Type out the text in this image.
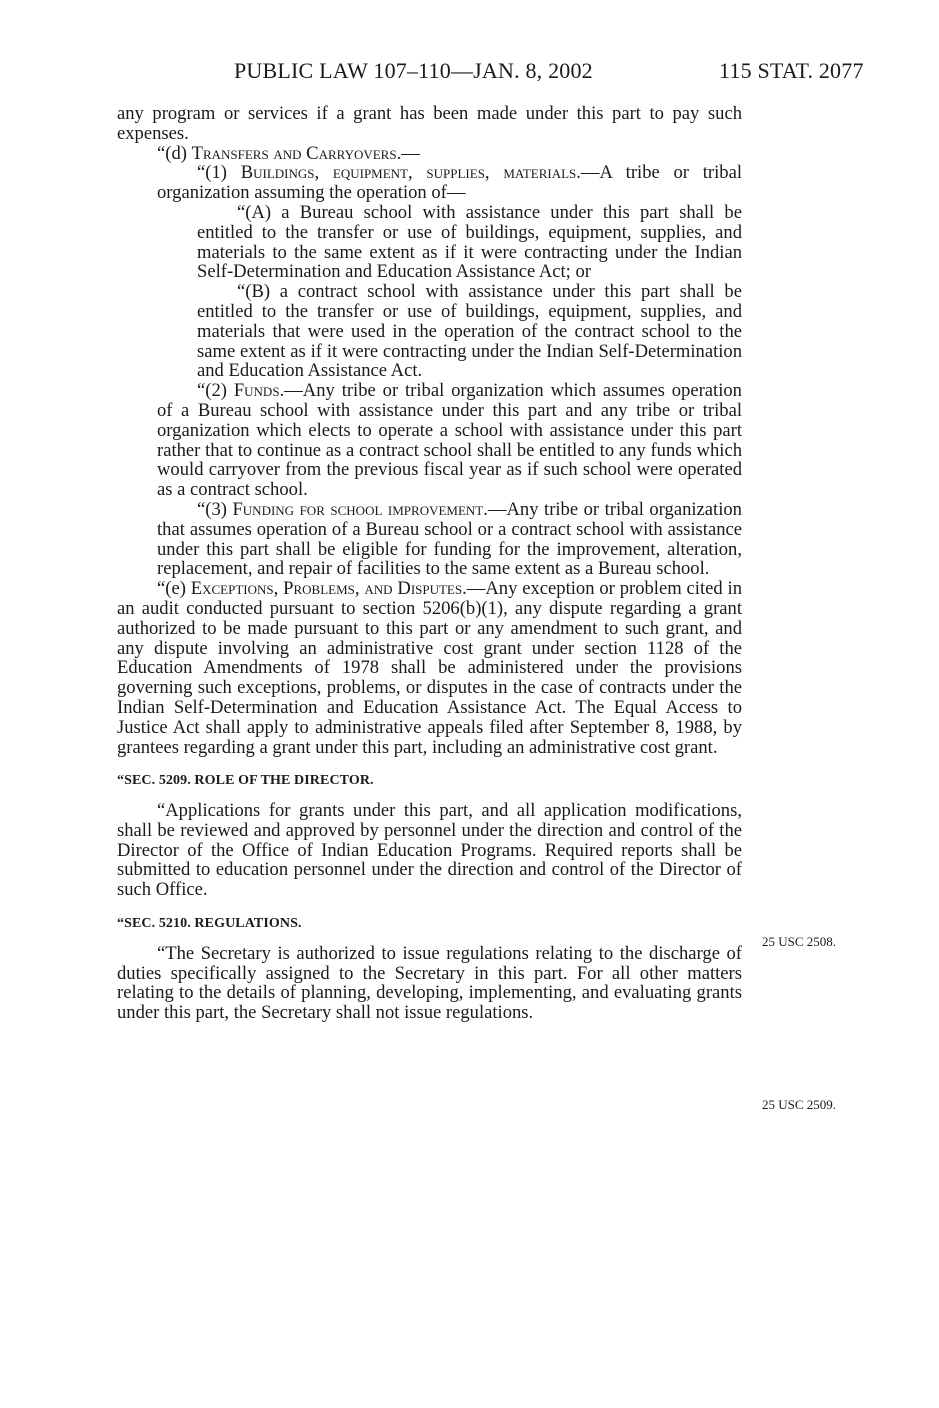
PUBLIC LAW 107–110—JAN. 8, 2002	115 STAT. 2077

any program or services if a grant has been made under this part to pay such expenses.

“(d) Transfers and Carryovers.—

“(1) Buildings, equipment, supplies, materials.—A tribe or tribal organization assuming the operation of—

“(A) a Bureau school with assistance under this part shall be entitled to the transfer or use of buildings, equipment, supplies, and materials to the same extent as if it were contracting under the Indian Self-Determination and Education Assistance Act; or

“(B) a contract school with assistance under this part shall be entitled to the transfer or use of buildings, equipment, supplies, and materials that were used in the operation of the contract school to the same extent as if it were contracting under the Indian Self-Determination and Education Assistance Act.

“(2) Funds.—Any tribe or tribal organization which assumes operation of a Bureau school with assistance under this part and any tribe or tribal organization which elects to operate a school with assistance under this part rather that to continue as a contract school shall be entitled to any funds which would carryover from the previous fiscal year as if such school were operated as a contract school.

“(3) Funding for school improvement.—Any tribe or tribal organization that assumes operation of a Bureau school or a contract school with assistance under this part shall be eligible for funding for the improvement, alteration, replacement, and repair of facilities to the same extent as a Bureau school.

“(e) Exceptions, Problems, and Disputes.—Any exception or problem cited in an audit conducted pursuant to section 5206(b)(1), any dispute regarding a grant authorized to be made pursuant to this part or any amendment to such grant, and any dispute involving an administrative cost grant under section 1128 of the Education Amendments of 1978 shall be administered under the provisions governing such exceptions, problems, or disputes in the case of contracts under the Indian Self-Determination and Education Assistance Act. The Equal Access to Justice Act shall apply to administrative appeals filed after September 8, 1988, by grantees regarding a grant under this part, including an administrative cost grant.

“SEC. 5209. ROLE OF THE DIRECTOR.

“Applications for grants under this part, and all application modifications, shall be reviewed and approved by personnel under the direction and control of the Director of the Office of Indian Education Programs. Required reports shall be submitted to education personnel under the direction and control of the Director of such Office.

“SEC. 5210. REGULATIONS.

“The Secretary is authorized to issue regulations relating to the discharge of duties specifically assigned to the Secretary in this part. For all other matters relating to the details of planning, developing, implementing, and evaluating grants under this part, the Secretary shall not issue regulations.

25 USC 2508.
25 USC 2509.
